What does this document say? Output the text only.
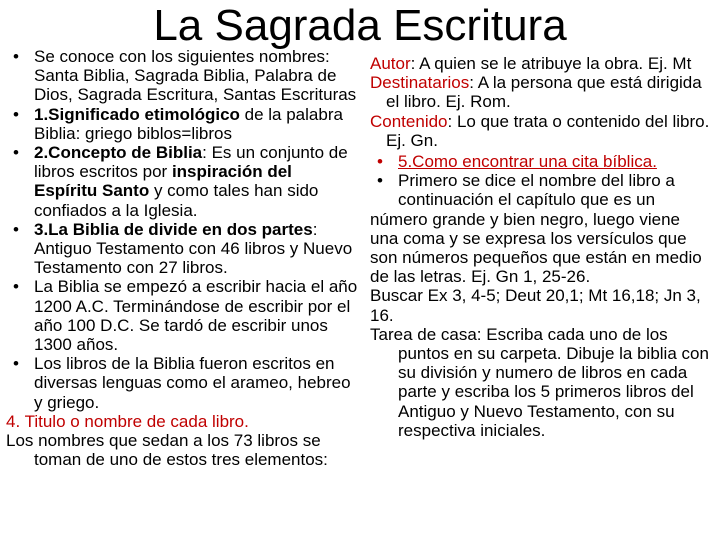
La Sagrada Escritura
• Se conoce con los siguientes nombres: Santa Biblia, Sagrada Biblia, Palabra de Dios, Sagrada Escritura, Santas Escrituras
• 1.Significado etimológico de la palabra Biblia: griego biblos=libros
• 2.Concepto de Biblia: Es un conjunto de libros escritos por inspiración del Espíritu Santo y como tales han sido confiados a la Iglesia.
• 3.La Biblia de divide en dos partes: Antiguo Testamento con 46 libros y Nuevo Testamento con 27 libros.
• La Biblia se empezó a escribir hacia el año 1200 A.C. Terminándose de escribir por el año 100 D.C. Se tardó de escribir unos 1300 años.
• Los libros de la Biblia fueron escritos en diversas lenguas como el arameo, hebreo y griego.
4. Titulo o nombre de cada libro.
Los nombres que sedan a los 73 libros se toman de uno de estos tres elementos:
Autor: A quien se le atribuye la obra. Ej. Mt
Destinatarios: A la persona que está dirigida el libro. Ej. Rom.
Contenido: Lo que trata o contenido del libro. Ej. Gn.
• 5.Como encontrar una cita bíblica.
• Primero se dice el nombre del libro a continuación el capítulo que es un
número grande y bien negro, luego viene una coma y se expresa los versículos que son números pequeños que están en medio de las letras. Ej. Gn 1, 25-26.
Buscar Ex 3, 4-5; Deut 20,1; Mt 16,18; Jn 3, 16.
Tarea de casa: Escriba cada uno de los puntos en su carpeta. Dibuje la biblia con su división y numero de libros en cada parte y escriba los 5 primeros libros del Antiguo y Nuevo Testamento, con su respectiva iniciales.
